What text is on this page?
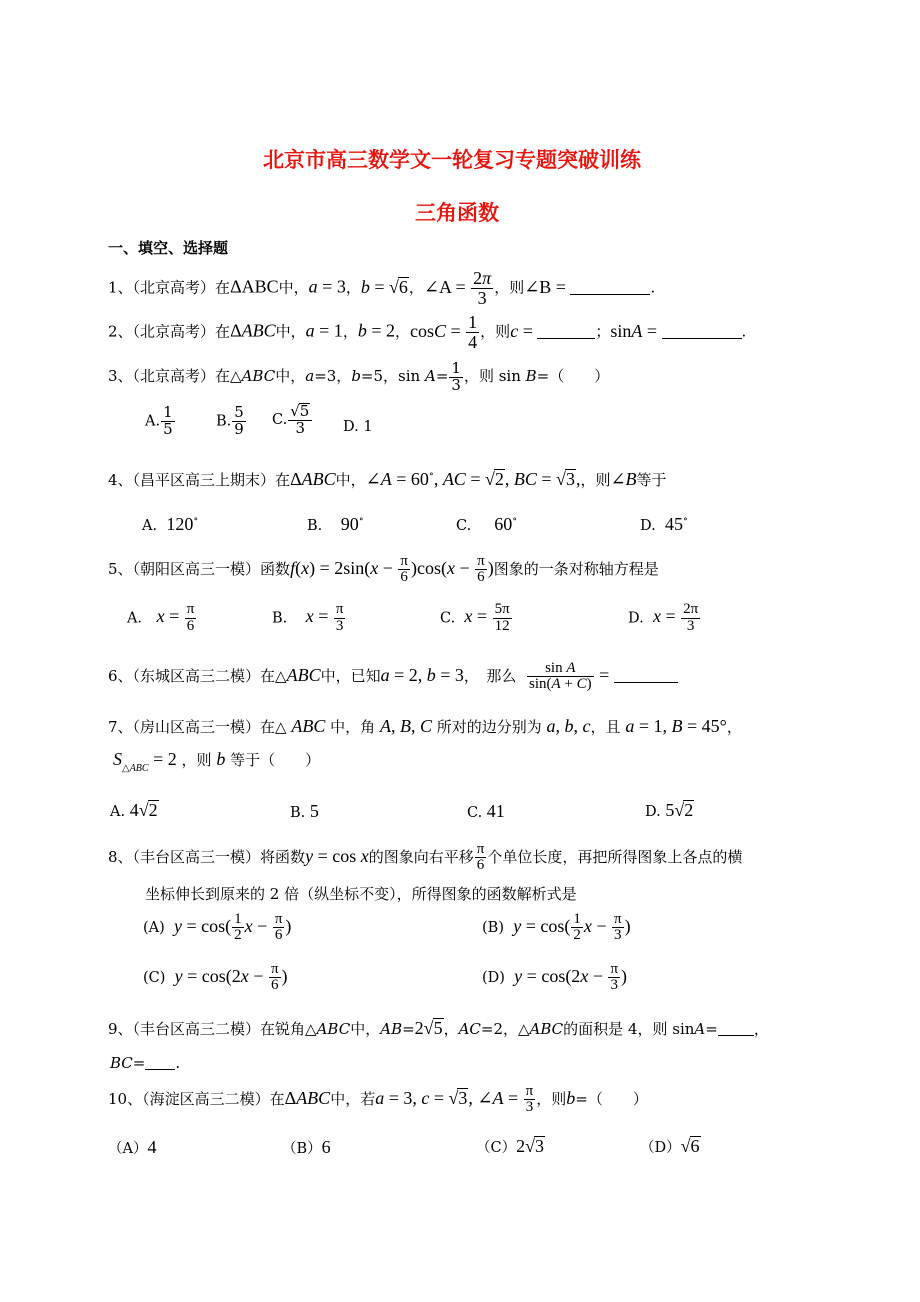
北京市高三数学文一轮复习专题突破训练
三角函数
一、填空、选择题
1、（北京高考）在ΔABC中，a = 3，b = √6，∠A = $\frac{2\pi}{3}$ ，则∠B =	.
2、（北京高考）在ΔABC中，a = 1，b = 2，$\cos C = \frac{1}{4}$ ，则c =	；sinA =	.
3、（北京高考）在△ABC中，a=3，b=5，$\sin A= \frac{1}{3}$ ，则 sin B=（　　）
A. $\frac{1}{5}$	B. $\frac{5}{9} C$. $\frac{√5}{3} D$. 1
4、（昌平区高三上期末）在ΔABC中，∠A = 60∘, AC = √2, BC = √3,，则∠B等于
A. 120∘	B. 90∘	C. 60∘	D. 45∘
5、（朝阳区高三一模）函数$f(x) = 2\sin(x - \frac{\pi}{6} )\cos(x - \frac{\pi}{6}$ )图象的一条对称轴方程是
A． $x = \frac{\pi}{6}$	B. $x = \frac{\pi}{3}$	C. $x = \frac{5\pi}{12}$	D. $x = \frac{2\pi}{3}$
6、（东城区高三二模）在△ABC中，已知a = 2, b = 3，　那么 $\frac{\text{sin A}}{\sin(A + C)}$ =
7、（房山区高三一模）在△ ABC 中，角 A, B, C 所对的边分别为 a, b, c，且 a = 1, B = 45°，
$S_{\triangle ABC} = 2$ ，则 b 等于（　　）
A. 4√2	B. 5	C. 41	D. 5√2
8、（丰台区高三一模）将函数y = cos x的图象向右平移 $\frac{\pi}{6}$ 个单位长度，再把所得图象上各点的横
坐标伸长到原来的 2 倍（纵坐标不变），所得图象的函数解析式是
(A) $y = \cos( \frac{1}{2}$ $x - \frac{\pi}{6}$ )	(B) $y = \cos( \frac{1}{2}$ $x - \frac{\pi}{3}$ )
(C) $y = \cos(2x - \frac{\pi}{6}$ )	(D) $y = \cos(2x - \frac{\pi}{3}$ )
9、（丰台区高三二模）在锐角△ABC中，AB=2√5，AC=2，△ABC的面积是 4，则 sinA= ，
BC= .
10、（海淀区高三二模）在ΔABC中，若a = 3, c = √3, ∠A = $\frac{\pi}{3}$ ，则b=（　　）
（A）4	（B）6	（C）2√3	（D）√6
